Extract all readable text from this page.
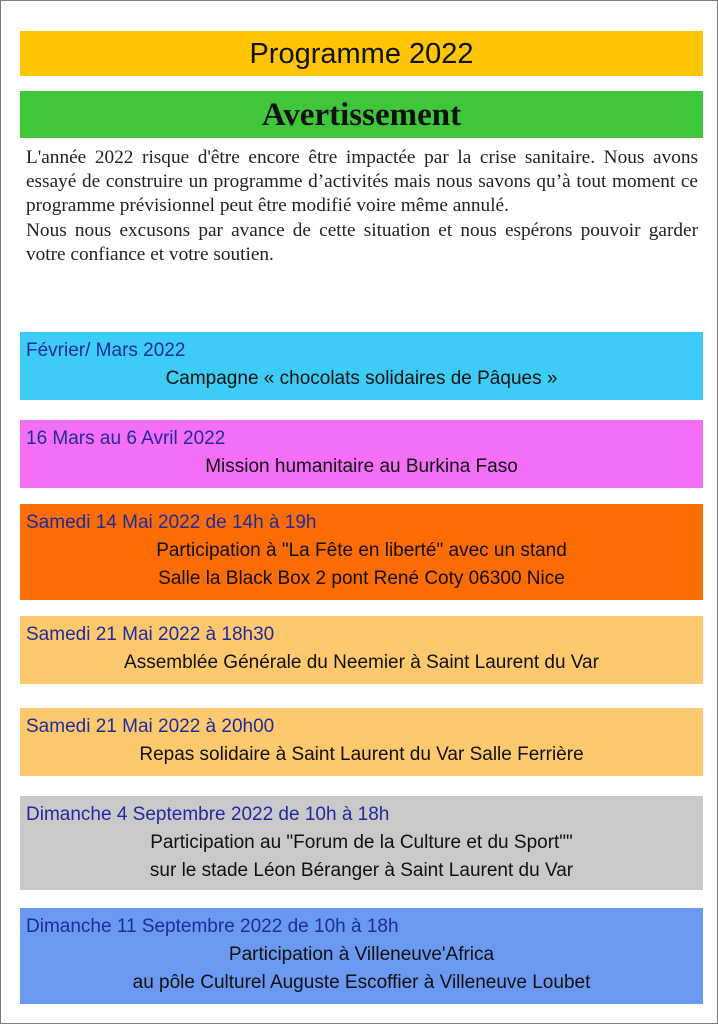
Programme 2022
Avertissement

L'année 2022 risque d'être encore être impactée par la crise sanitaire. Nous avons essayé de construire un programme d’activités mais nous savons qu’à tout moment ce programme prévisionnel peut être modifié voire même annulé.

Nous nous excusons par avance de cette situation et nous espérons pouvoir garder votre confiance et votre soutien.

Février/ Mars 2022
Campagne « chocolats solidaires de Pâques »
16 Mars au 6 Avril 2022
Mission humanitaire au Burkina Faso
Samedi 14 Mai 2022 de 14h à 19h
Participation à "La Fête en liberté" avec un stand
Salle la Black Box 2 pont René Coty 06300 Nice
Samedi 21 Mai 2022 à 18h30
Assemblée Générale du Neemier à Saint Laurent du Var
Samedi 21 Mai 2022 à 20h00
Repas solidaire à Saint Laurent du Var Salle Ferrière
Dimanche 4 Septembre 2022 de 10h à 18h
Participation au "Forum de la Culture et du Sport""
sur le stade Léon Béranger à Saint Laurent du Var
Dimanche 11 Septembre 2022 de 10h à 18h
Participation à Villeneuve'Africa
au pôle Culturel Auguste Escoffier à Villeneuve Loubet
